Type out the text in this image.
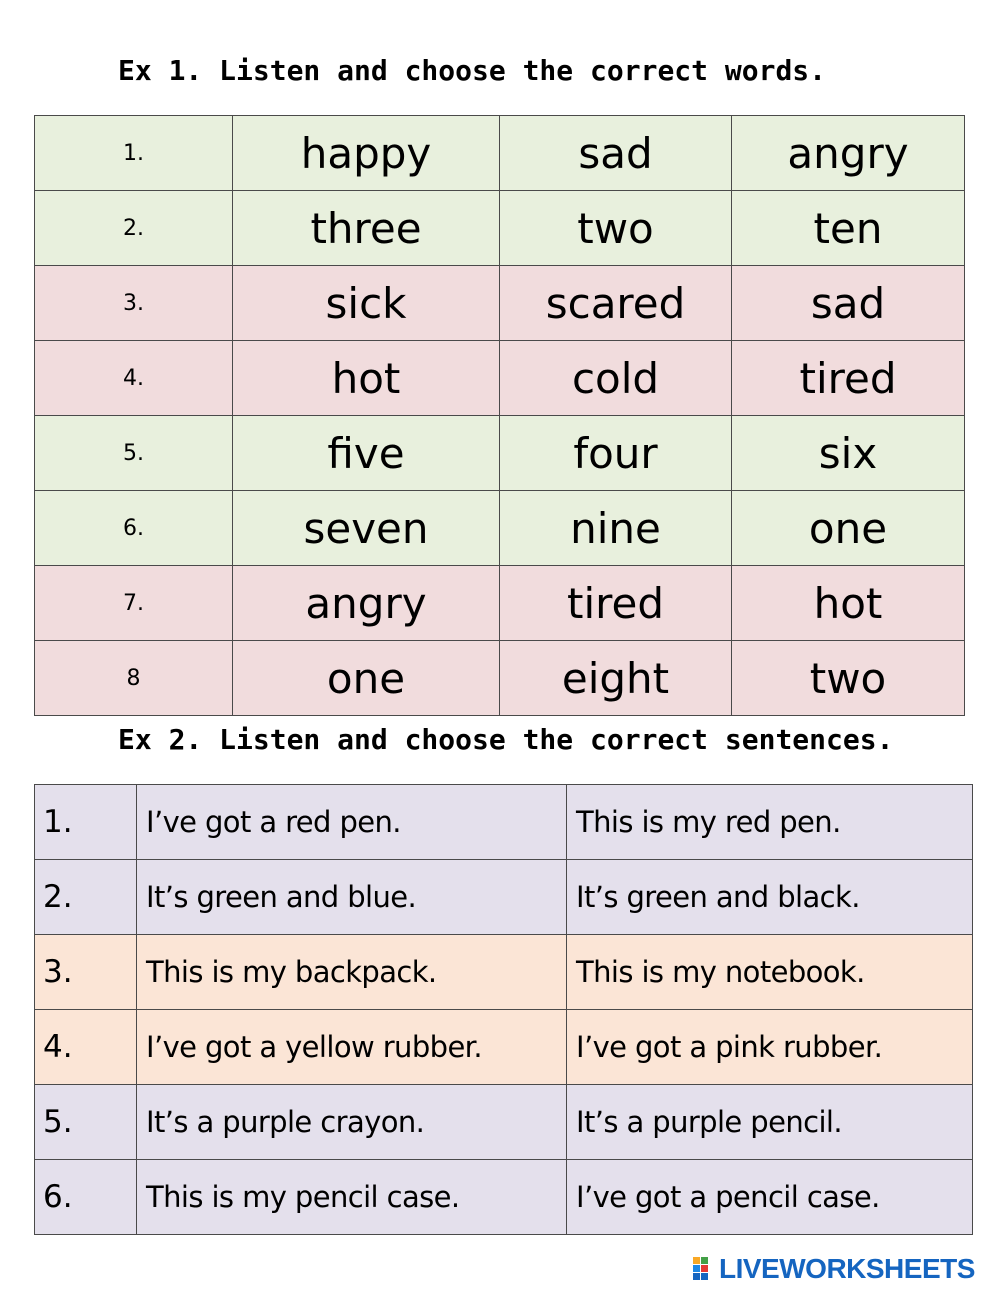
Ex 1. Listen and choose the correct words.
1.	happy	sad	angry
2.	three	two	ten
3.	sick	scared	sad
4.	hot	cold	tired
5.	five	four	six
6.	seven	nine	one
7.	angry	tired	hot
8	one	eight	two
Ex 2. Listen and choose the correct sentences.
1.	I’ve got a red pen.	This is my red pen.
2.	It’s green and blue.	It’s green and black.
3.	This is my backpack.	This is my notebook.
4.	I’ve got a yellow rubber.	I’ve got a pink rubber.
5.	It’s a purple crayon.	It’s a purple pencil.
6.	This is my pencil case.	I’ve got a pencil case.
LIVEWORKSHEETS
